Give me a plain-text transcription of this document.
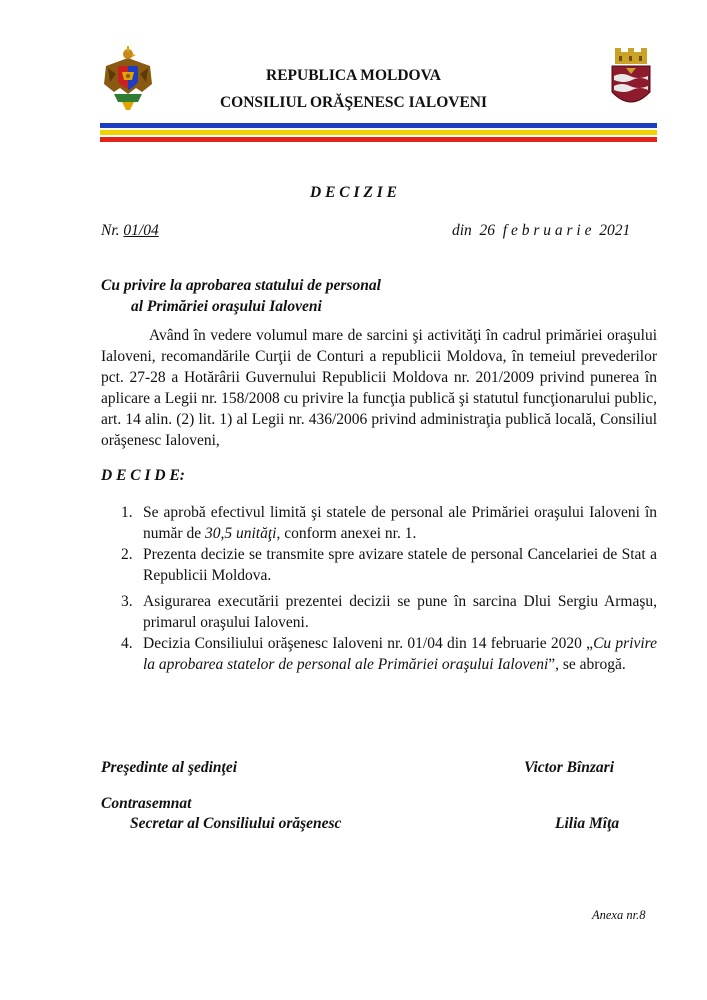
REPUBLICA MOLDOVA
CONSILIUL ORĂŞENESC IALOVENI
D E C I Z I E
Nr. 01/04	din  26  f e b r u a r i e  2021
Cu privire la aprobarea statului de personal
al Primăriei oraşului Ialoveni
Având în vedere volumul mare de sarcini şi activităţi în cadrul primăriei oraşului Ialoveni, recomandările Curţii de Conturi a republicii Moldova, în temeiul prevederilor pct. 27-28 a Hotărârii Guvernului Republicii Moldova nr. 201/2009 privind punerea în aplicare a Legii nr. 158/2008 cu privire la funcţia publică şi statutul funcţionarului public, art. 14 alin. (2) lit. 1) al Legii nr. 436/2006 privind administraţia publică locală, Consiliul orăşenesc Ialoveni,
D E C I D E:
1. Se aprobă efectivul limită şi statele de personal ale Primăriei oraşului Ialoveni în număr de 30,5 unităţi, conform anexei nr. 1.
2. Prezenta decizie se transmite spre avizare statele de personal Cancelariei de Stat a Republicii Moldova.
3. Asigurarea executării prezentei decizii se pune în sarcina Dlui Sergiu Armaşu, primarul oraşului Ialoveni.
4. Decizia Consiliului orăşenesc Ialoveni nr. 01/04 din 14 februarie 2020 „Cu privire la aprobarea statelor de personal ale Primăriei oraşului Ialoveni”, se abrogă.
Preşedinte al şedinţei	Victor Bînzari
Contrasemnat
Secretar al Consiliului orăşenesc	Lilia Mîţa
Anexa nr.8
